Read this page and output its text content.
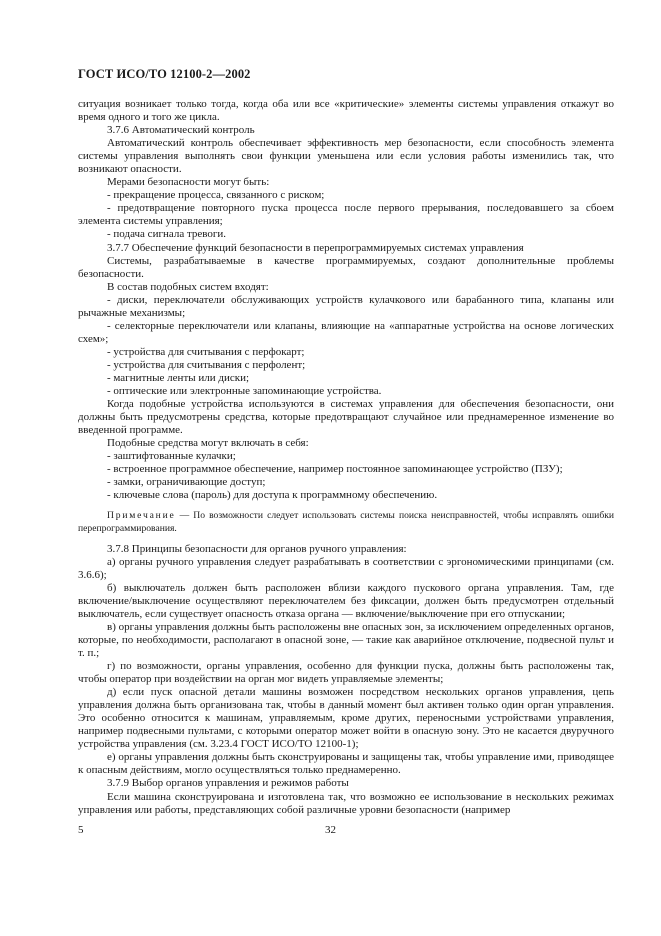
ГОСТ ИСО/ТО 12100-2—2002

ситуация возникает только тогда, когда оба или все «критические» элементы системы управления откажут во время одного и того же цикла.

3.7.6 Автоматический контроль

Автоматический контроль обеспечивает эффективность мер безопасности, если способность элемента системы управления выполнять свои функции уменьшена или если условия работы изменились так, что возникают опасности.

Мерами безопасности могут быть:

- прекращение процесса, связанного с риском;

- предотвращение повторного пуска процесса после первого прерывания, последовавшего за сбоем элемента системы управления;

- подача сигнала тревоги.

3.7.7 Обеспечение функций безопасности в перепрограммируемых системах управления

Системы, разрабатываемые в качестве программируемых, создают дополнительные проблемы безопасности.

В состав подобных систем входят:

- диски, переключатели обслуживающих устройств кулачкового или барабанного типа, клапаны или рычажные механизмы;

- селекторные переключатели или клапаны, влияющие на «аппаратные устройства на основе логических схем»;

- устройства для считывания с перфокарт;

- устройства для считывания с перфолент;

- магнитные ленты или диски;

- оптические или электронные запоминающие устройства.

Когда подобные устройства используются в системах управления для обеспечения безопасности, они должны быть предусмотрены средства, которые предотвращают случайное или преднамеренное изменение во введенной программе.

Подобные средства могут включать в себя:

- заштифтованные кулачки;

- встроенное программное обеспечение, например постоянное запоминающее устройство (ПЗУ);

- замки, ограничивающие доступ;

- ключевые слова (пароль) для доступа к программному обеспечению.

Примечание — По возможности следует использовать системы поиска неисправностей, чтобы исправлять ошибки перепрограммирования.

3.7.8 Принципы безопасности для органов ручного управления:

а) органы ручного управления следует разрабатывать в соответствии с эргономическими принципами (см. 3.6.6);

б) выключатель должен быть расположен вблизи каждого пускового органа управления. Там, где включение/выключение осуществляют переключателем без фиксации, должен быть предусмотрен отдельный выключатель, если существует опасность отказа органа — включение/выключение при его отпускании;

в) органы управления должны быть расположены вне опасных зон, за исключением определенных органов, которые, по необходимости, располагают в опасной зоне, — такие как аварийное отключение, подвесной пульт и т. п.;

г) по возможности, органы управления, особенно для функции пуска, должны быть расположены так, чтобы оператор при воздействии на орган мог видеть управляемые элементы;

д) если пуск опасной детали машины возможен посредством нескольких органов управления, цепь управления должна быть организована так, чтобы в данный момент был активен только один орган управления. Это особенно относится к машинам, управляемым, кроме других, переносными устройствами управления, например подвесными пультами, с которыми оператор может войти в опасную зону. Это не касается двуручного устройства управления (см. 3.23.4 ГОСТ ИСО/ТО 12100-1);

е) органы управления должны быть сконструированы и защищены так, чтобы управление ими, приводящее к опасным действиям, могло осуществляться только преднамеренно.

3.7.9 Выбор органов управления и режимов работы

Если машина сконструирована и изготовлена так, что возможно ее использование в нескольких режимах управления или работы, представляющих собой различные уровни безопасности (например

5	32
